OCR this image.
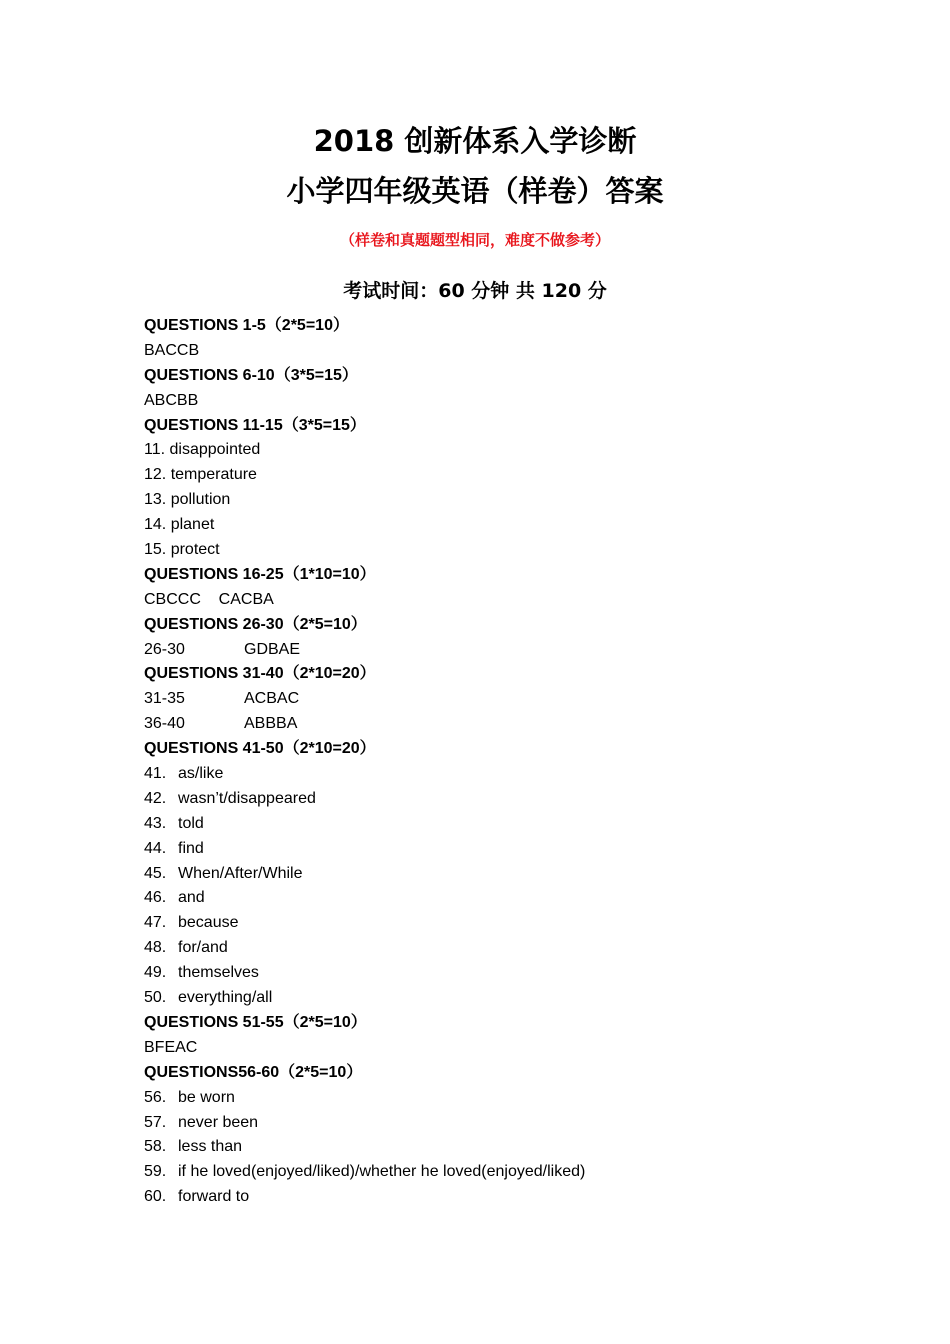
2018 创新体系入学诊断
小学四年级英语（样卷）答案
（样卷和真题题型相同，难度不做参考）
考试时间：60 分钟 共 120 分
QUESTIONS 1-5（2*5=10）
BACCB
QUESTIONS 6-10（3*5=15）
ABCBB
QUESTIONS 11-15（3*5=15）
11. disappointed
12. temperature
13. pollution
14. planet
15. protect
QUESTIONS 16-25（1*10=10）
CBCCC    CACBA
QUESTIONS 26-30（2*5=10）
26-30	GDBAE
QUESTIONS 31-40（2*10=20）
31-35	ACBAC
36-40	ABBBA
QUESTIONS 41-50（2*10=20）
41. as/like
42. wasn’t/disappeared
43. told
44. find
45. When/After/While
46. and
47. because
48. for/and
49. themselves
50. everything/all
QUESTIONS 51-55（2*5=10）
BFEAC
QUESTIONS56-60（2*5=10）
56. be worn
57. never been
58. less than
59. if he loved(enjoyed/liked)/whether he loved(enjoyed/liked)
60. forward to
